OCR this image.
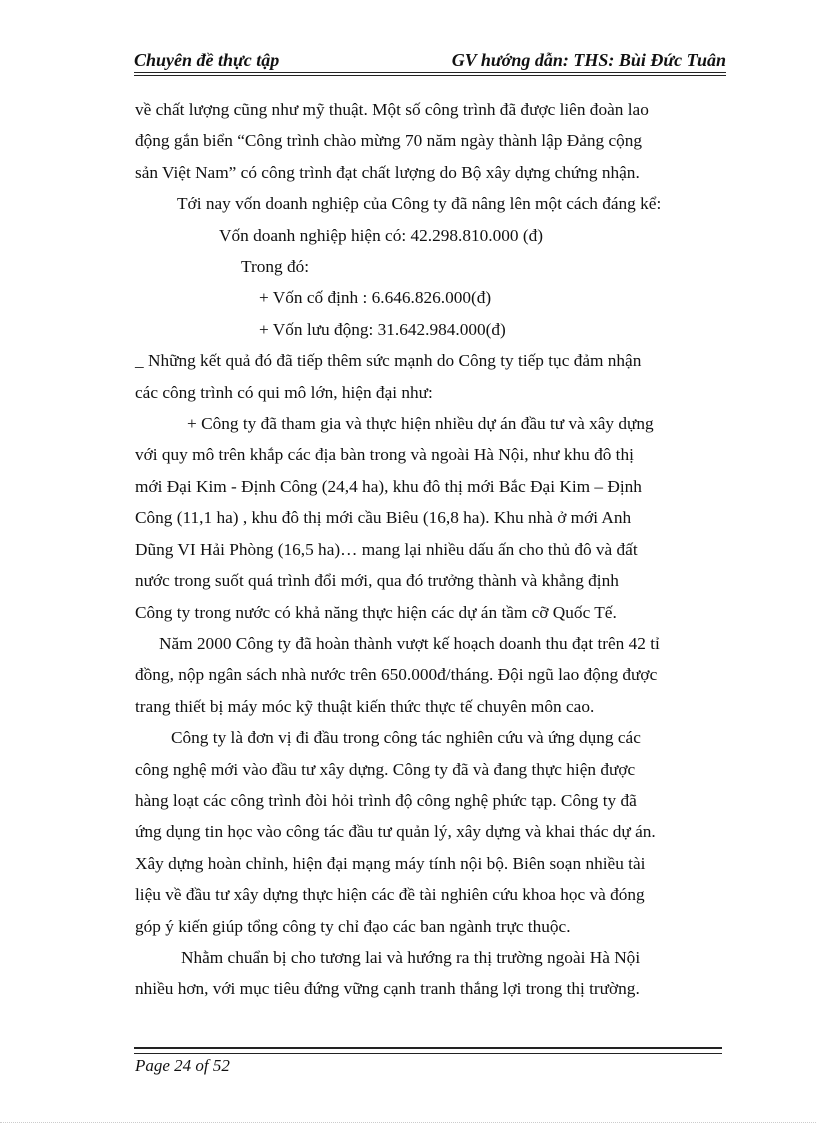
Chuyên đề thực tập	GV hướng dẫn: THS: Bùi Đức Tuân
về chất lượng cũng như mỹ thuật. Một số công trình đã được liên đoàn lao
động gắn biển “Công trình chào mừng 70 năm ngày thành lập Đảng cộng
sản Việt Nam” có công trình đạt chất lượng do Bộ xây dựng chứng nhận.
Tới nay vốn doanh nghiệp của Công ty đã nâng lên một cách đáng kể:
Vốn doanh nghiệp hiện có: 42.298.810.000 (đ)
Trong đó:
+ Vốn cố định : 6.646.826.000(đ)
+ Vốn lưu động: 31.642.984.000(đ)
_ Những kết quả đó đã tiếp thêm sức mạnh do Công ty tiếp tục đảm nhận
các công trình có qui mô lớn, hiện đại như:
+ Công ty đã tham gia và thực hiện nhiều dự án đầu tư và xây dựng
với quy mô trên khắp các địa bàn trong và ngoài Hà Nội, như khu đô thị
mới Đại Kim - Định Công (24,4 ha), khu đô thị mới Bắc Đại Kim – Định
Công (11,1 ha) , khu đô thị mới cầu Biêu (16,8 ha). Khu nhà ở mới Anh
Dũng VI Hải Phòng (16,5 ha)… mang lại nhiều dấu ấn cho thủ đô và đất
nước trong suốt quá trình đổi mới, qua đó trưởng thành và khẳng định
Công ty trong nước có khả năng thực hiện các dự án tầm cỡ Quốc Tế.
Năm 2000 Công ty đã hoàn thành vượt kế hoạch doanh thu đạt trên 42 tỉ
đồng, nộp ngân sách nhà nước trên 650.000đ/tháng. Đội ngũ lao động được
trang thiết bị máy móc kỹ thuật kiến thức thực tế chuyên môn cao.
Công ty là đơn vị đi đầu trong công tác nghiên cứu và ứng dụng các
công nghệ mới vào đầu tư xây dựng. Công ty đã và đang thực hiện được
hàng loạt các công trình đòi hỏi trình độ công nghệ phức tạp. Công ty đã
ứng dụng tin học vào công tác đầu tư quản lý, xây dựng và khai thác dự án.
Xây dựng hoàn chỉnh, hiện đại mạng máy tính nội bộ. Biên soạn nhiều tài
liệu về đầu tư xây dựng thực hiện các đề tài nghiên cứu khoa học và đóng
góp ý kiến giúp tổng công ty chỉ đạo các ban ngành trực thuộc.
Nhằm chuẩn bị cho tương lai và hướng ra thị trường ngoài Hà Nội
nhiều hơn, với mục tiêu đứng vững cạnh tranh thắng lợi trong thị trường.
Page 24 of 52
